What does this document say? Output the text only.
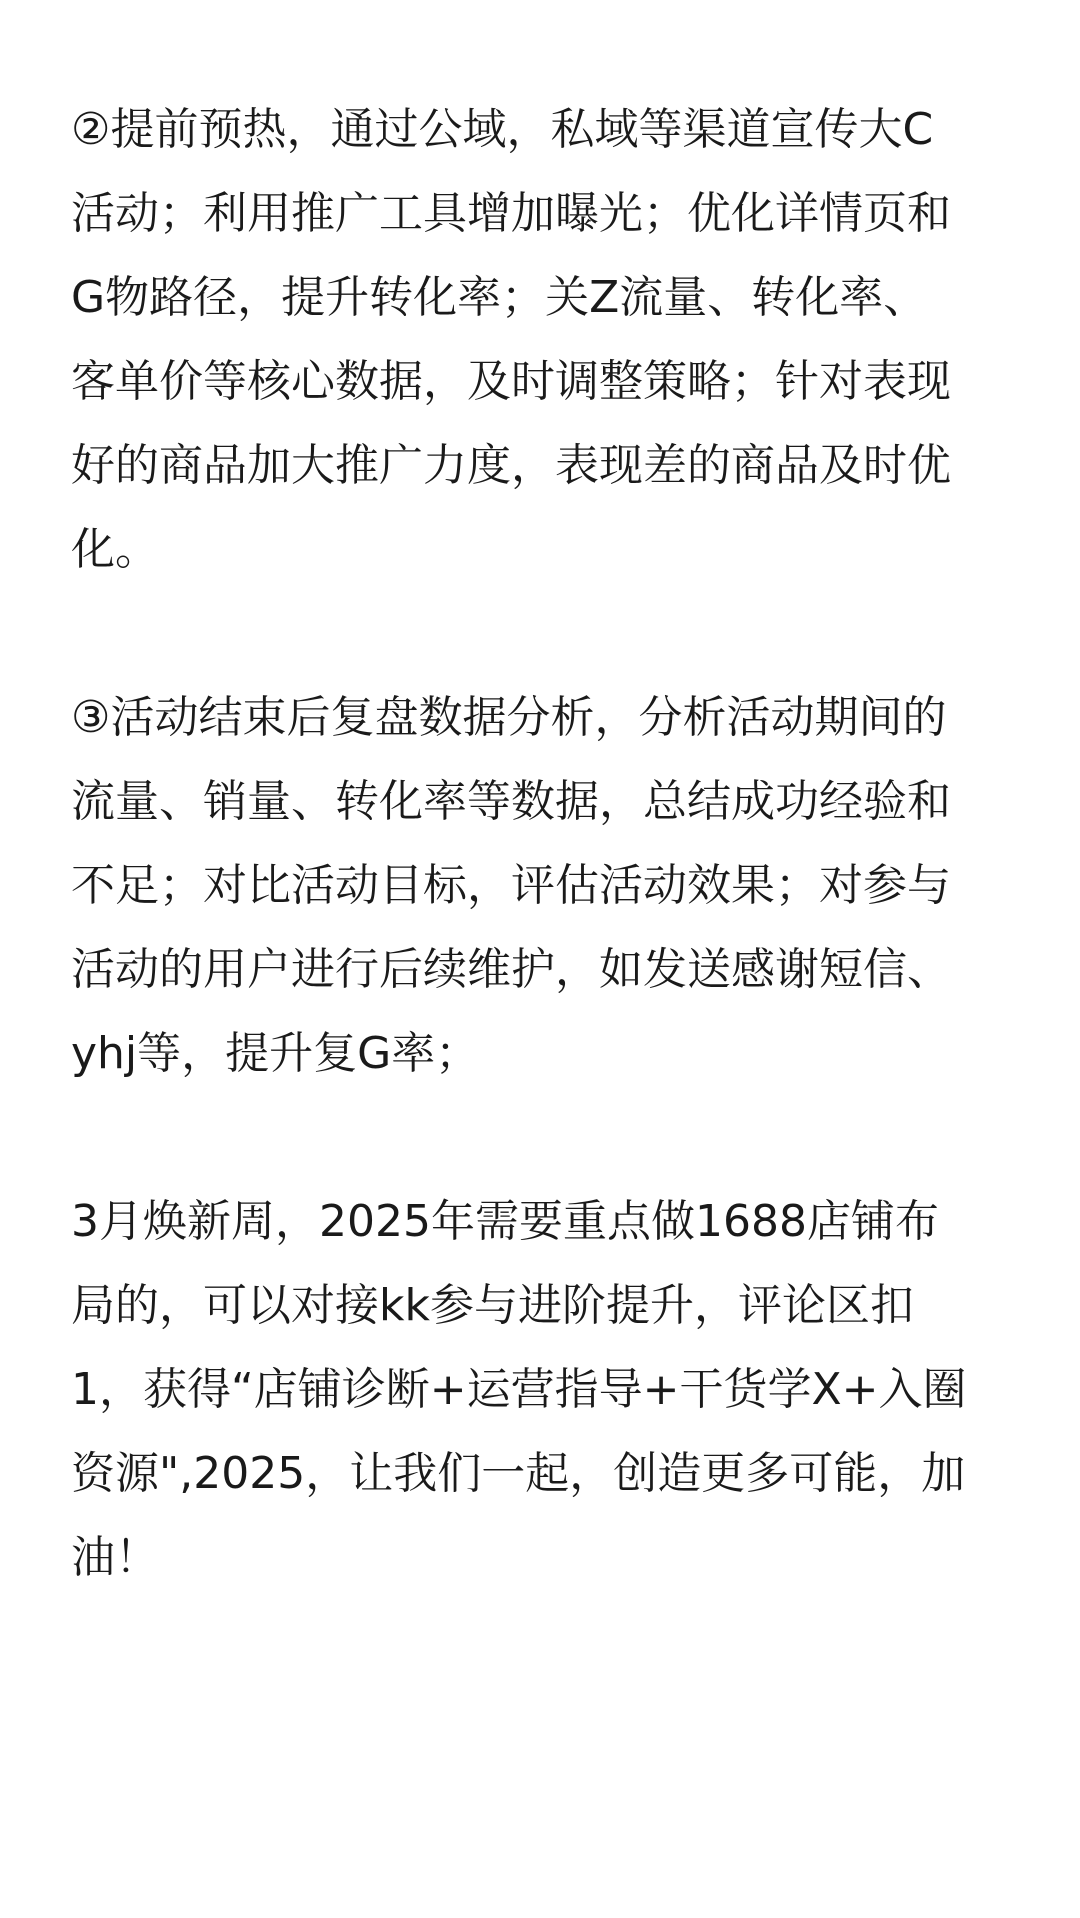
②提前预热，通过公域，私域等渠道宣传大C
活动；利用推广工具增加曝光；优化详情页和
G物路径，提升转化率；关Z流量、转化率、
客单价等核心数据，及时调整策略；针对表现
好的商品加大推广力度，表现差的商品及时优
化。
③活动结束后复盘数据分析，分析活动期间的
流量、销量、转化率等数据，总结成功经验和
不足；对比活动目标，评估活动效果；对参与
活动的用户进行后续维护，如发送感谢短信、
yhj等，提升复G率；
3月焕新周，2025年需要重点做1688店铺布
局的，可以对接kk参与进阶提升，评论区扣
1，获得“店铺诊断+运营指导+干货学X+入圈
资源",2025，让我们一起，创造更多可能，加
油！
